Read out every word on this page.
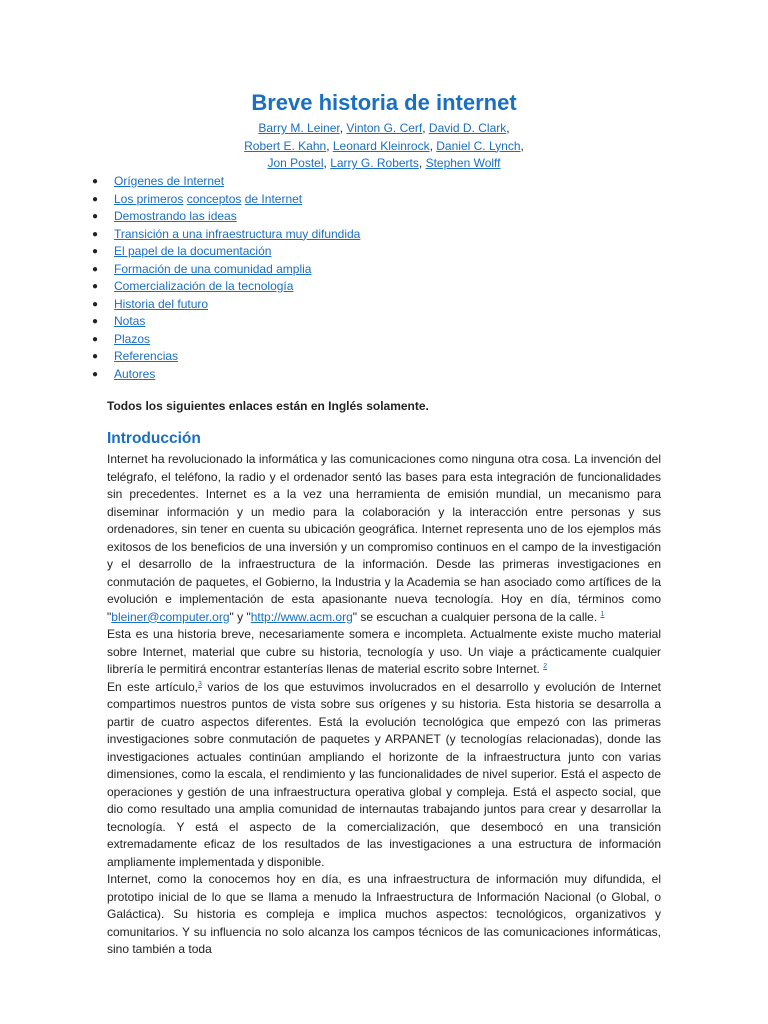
Breve historia de internet
Barry M. Leiner, Vinton G. Cerf, David D. Clark,
Robert E. Kahn, Leonard Kleinrock, Daniel C. Lynch,
Jon Postel, Larry G. Roberts, Stephen Wolff
● Orígenes de Internet
● Los primeros conceptos de Internet
● Demostrando las ideas
● Transición a una infraestructura muy difundida
● El papel de la documentación
● Formación de una comunidad amplia
● Comercialización de la tecnología
● Historia del futuro
● Notas
● Plazos
● Referencias
● Autores

Todos los siguientes enlaces están en Inglés solamente.

Introducción

Internet ha revolucionado la informática y las comunicaciones como ninguna otra cosa. La invención del telégrafo, el teléfono, la radio y el ordenador sentó las bases para esta integración de funcionalidades sin precedentes. Internet es a la vez una herramienta de emisión mundial, un mecanismo para diseminar información y un medio para la colaboración y la interacción entre personas y sus ordenadores, sin tener en cuenta su ubicación geográfica. Internet representa uno de los ejemplos más exitosos de los beneficios de una inversión y un compromiso continuos en el campo de la investigación y el desarrollo de la infraestructura de la información. Desde las primeras investigaciones en conmutación de paquetes, el Gobierno, la Industria y la Academia se han asociado como artífices de la evolución e implementación de esta apasionante nueva tecnología. Hoy en día, términos como "bleiner@computer.org" y "http://www.acm.org" se escuchan a cualquier persona de la calle. $^1$

Esta es una historia breve, necesariamente somera e incompleta. Actualmente existe mucho material sobre Internet, material que cubre su historia, tecnología y uso. Un viaje a prácticamente cualquier librería le permitirá encontrar estanterías llenas de material escrito sobre Internet. $^2$

En este artículo,$^3$ varios de los que estuvimos involucrados en el desarrollo y evolución de Internet compartimos nuestros puntos de vista sobre sus orígenes y su historia. Esta historia se desarrolla a partir de cuatro aspectos diferentes. Está la evolución tecnológica que empezó con las primeras investigaciones sobre conmutación de paquetes y ARPANET (y tecnologías relacionadas), donde las investigaciones actuales continúan ampliando el horizonte de la infraestructura junto con varias dimensiones, como la escala, el rendimiento y las funcionalidades de nivel superior. Está el aspecto de operaciones y gestión de una infraestructura operativa global y compleja. Está el aspecto social, que dio como resultado una amplia comunidad de internautas trabajando juntos para crear y desarrollar la tecnología. Y está el aspecto de la comercialización, que desembocó en una transición extremadamente eficaz de los resultados de las investigaciones a una estructura de información ampliamente implementada y disponible.

Internet, como la conocemos hoy en día, es una infraestructura de información muy difundida, el prototipo inicial de lo que se llama a menudo la Infraestructura de Información Nacional (o Global, o Galáctica). Su historia es compleja e implica muchos aspectos: tecnológicos, organizativos y comunitarios. Y su influencia no solo alcanza los campos técnicos de las comunicaciones informáticas, sino también a toda
